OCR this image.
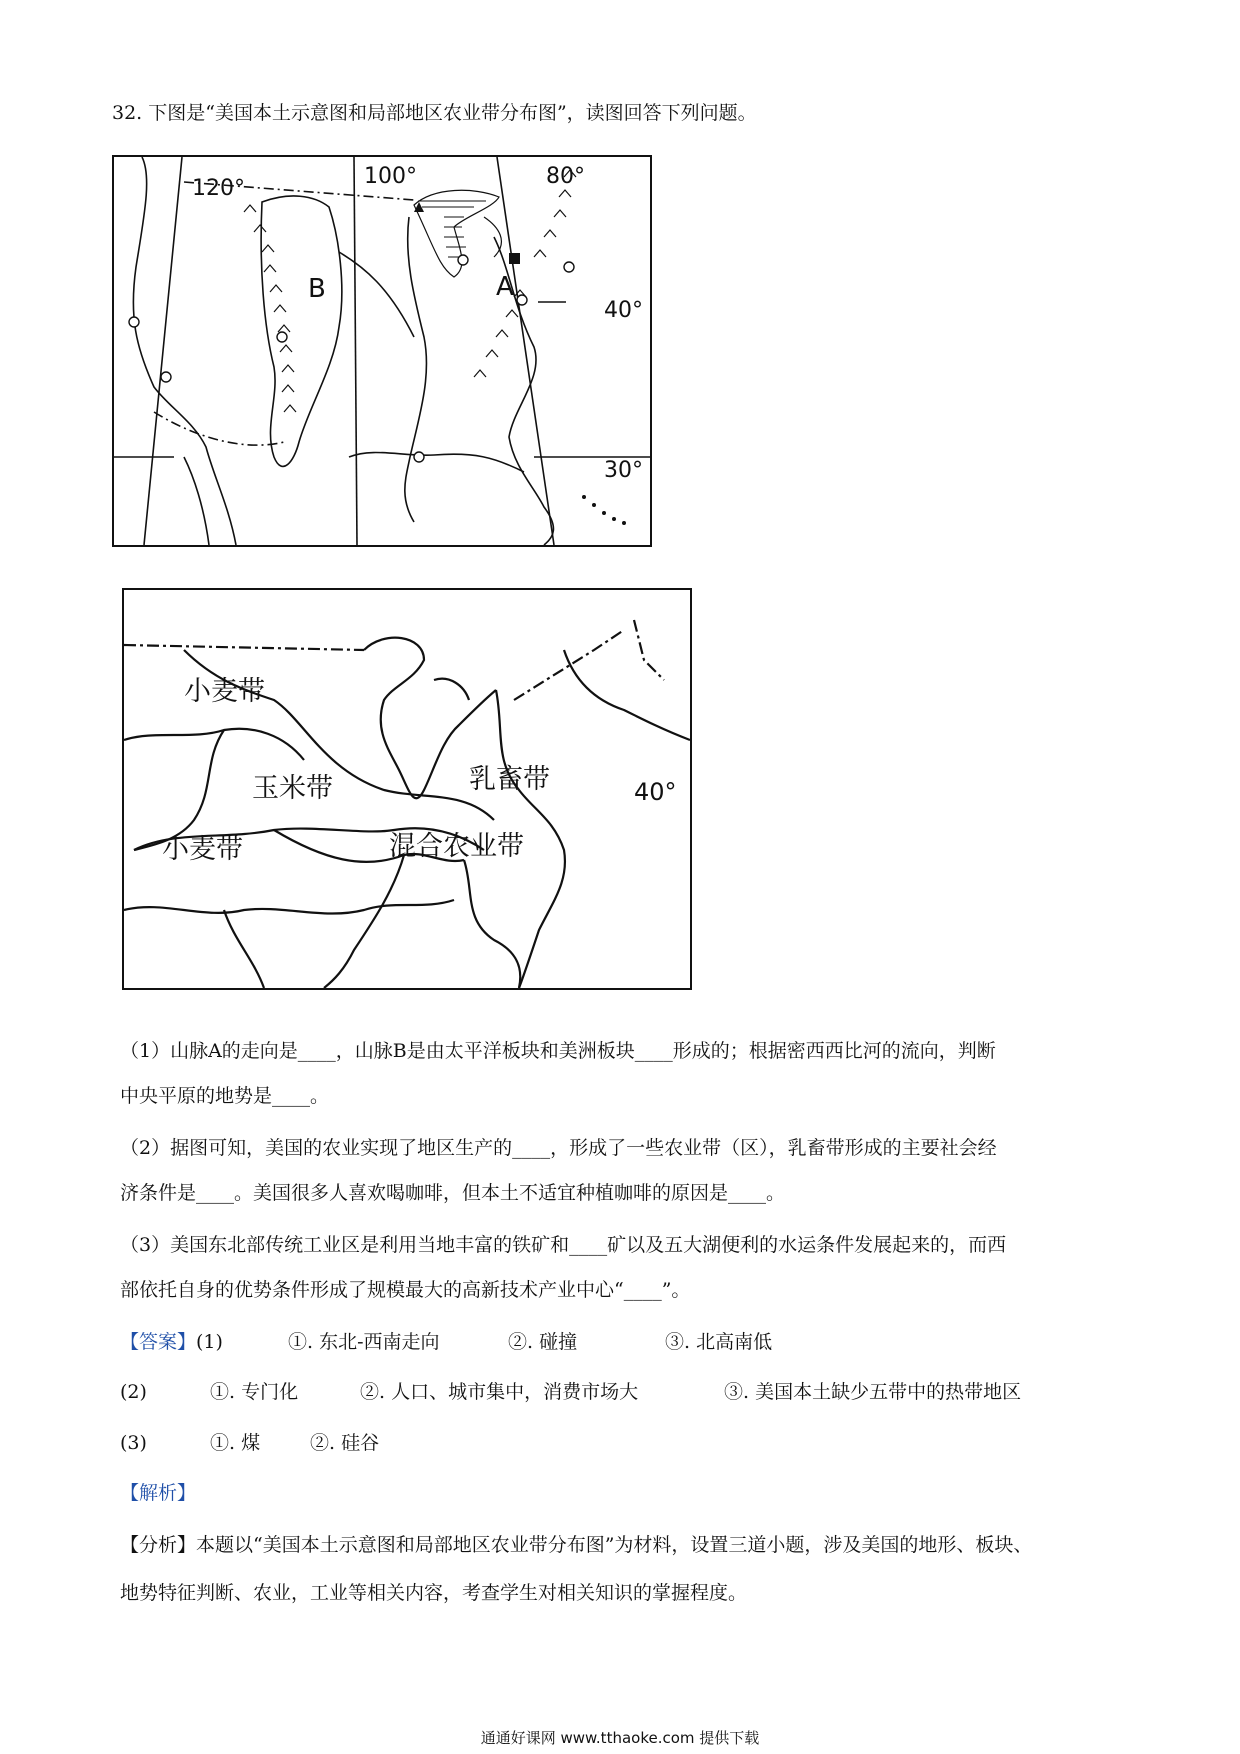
32. 下图是“美国本土示意图和局部地区农业带分布图”，读图回答下列问题。
120°	100°	80°
40°
30°
A
B
小麦带
小麦带
玉米带	乳畜带
混合农业带
40°
（1）山脉A的走向是____，山脉B是由太平洋板块和美洲板块____形成的；根据密西西比河的流向，判断
中央平原的地势是____。
（2）据图可知，美国的农业实现了地区生产的____，形成了一些农业带（区），乳畜带形成的主要社会经
济条件是____。美国很多人喜欢喝咖啡，但本土不适宜种植咖啡的原因是____。
（3）美国东北部传统工业区是利用当地丰富的铁矿和____矿以及五大湖便利的水运条件发展起来的，而西
部依托自身的优势条件形成了规模最大的高新技术产业中心“____”。
【答案】(1)	①. 东北-西南走向	②. 碰撞	③. 北高南低
(2)	①. 专门化	②. 人口、城市集中，消费市场大	③. 美国本土缺少五带中的热带地区
(3)	①. 煤	②. 硅谷
【解析】
【分析】本题以“美国本土示意图和局部地区农业带分布图”为材料，设置三道小题，涉及美国的地形、板块、
地势特征判断、农业，工业等相关内容，考查学生对相关知识的掌握程度。
通通好课网 www.tthaoke.com 提供下载
